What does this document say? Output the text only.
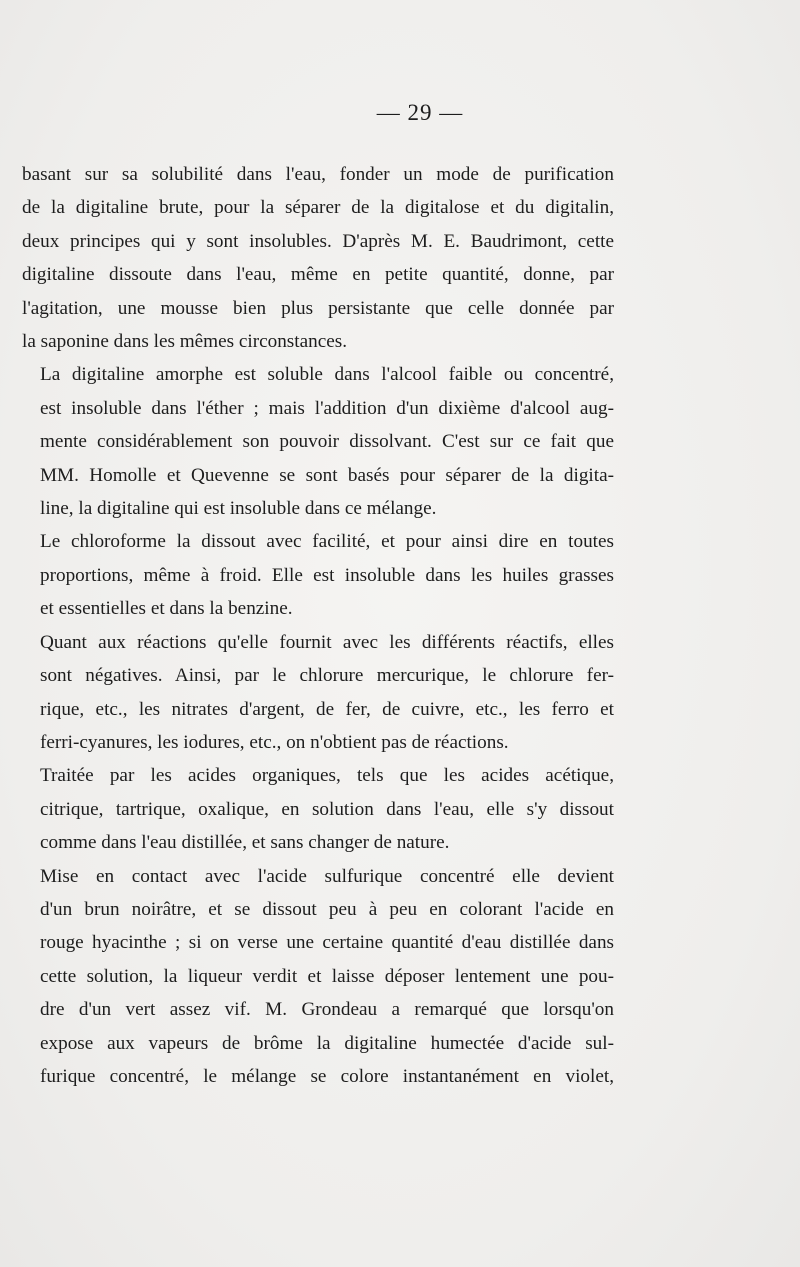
— 29 —

basant sur sa solubilité dans l'eau, fonder un mode de purification
de la digitaline brute, pour la séparer de la digitalose et du digitalin,
deux principes qui y sont insolubles. D'après M. E. Baudrimont, cette
digitaline dissoute dans l'eau, même en petite quantité, donne, par
l'agitation, une mousse bien plus persistante que celle donnée par
la saponine dans les mêmes circonstances.

La digitaline amorphe est soluble dans l'alcool faible ou concentré,
est insoluble dans l'éther ; mais l'addition d'un dixième d'alcool aug-
mente considérablement son pouvoir dissolvant. C'est sur ce fait que
MM. Homolle et Quevenne se sont basés pour séparer de la digita-
line, la digitaline qui est insoluble dans ce mélange.

Le chloroforme la dissout avec facilité, et pour ainsi dire en toutes
proportions, même à froid. Elle est insoluble dans les huiles grasses
et essentielles et dans la benzine.

Quant aux réactions qu'elle fournit avec les différents réactifs, elles
sont négatives. Ainsi, par le chlorure mercurique, le chlorure fer-
rique, etc., les nitrates d'argent, de fer, de cuivre, etc., les ferro et
ferri-cyanures, les iodures, etc., on n'obtient pas de réactions.

Traitée par les acides organiques, tels que les acides acétique,
citrique, tartrique, oxalique, en solution dans l'eau, elle s'y dissout
comme dans l'eau distillée, et sans changer de nature.

Mise en contact avec l'acide sulfurique concentré elle devient
d'un brun noirâtre, et se dissout peu à peu en colorant l'acide en
rouge hyacinthe ; si on verse une certaine quantité d'eau distillée dans
cette solution, la liqueur verdit et laisse déposer lentement une pou-
dre d'un vert assez vif. M. Grondeau a remarqué que lorsqu'on
expose aux vapeurs de brôme la digitaline humectée d'acide sul-
furique concentré, le mélange se colore instantanément en violet,
